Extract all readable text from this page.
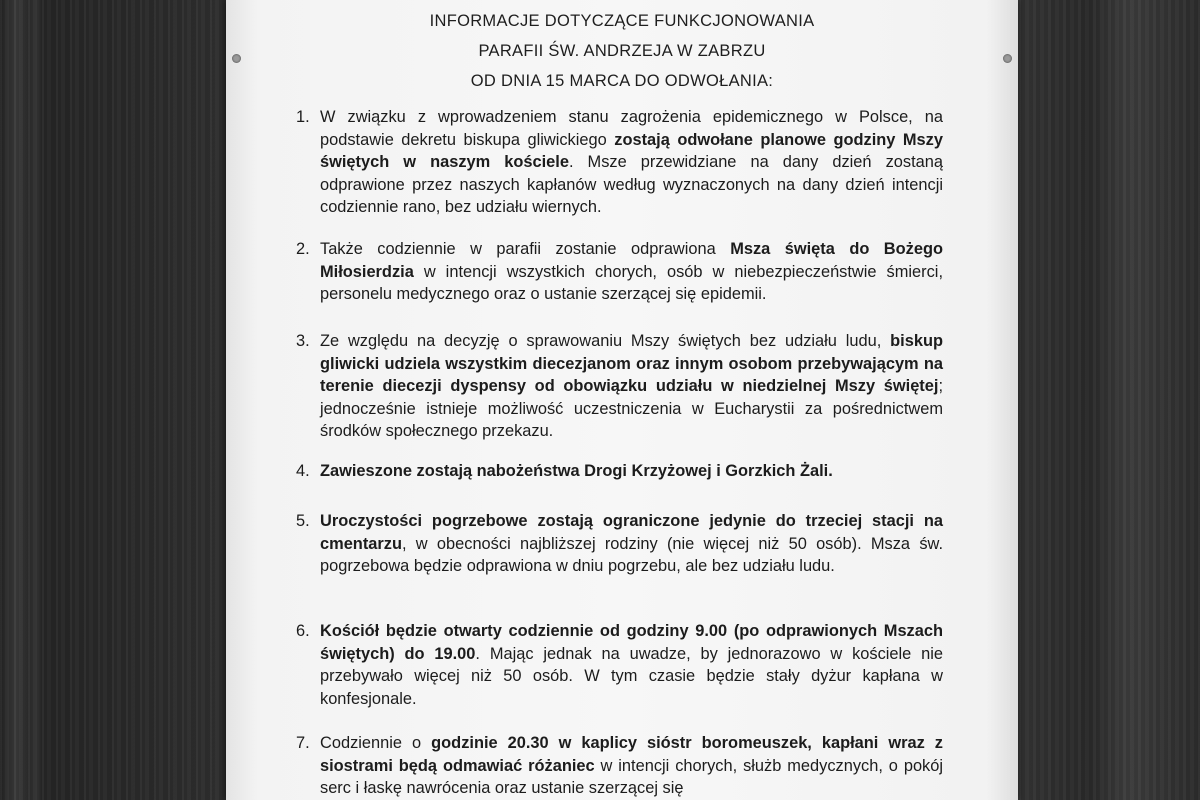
INFORMACJE DOTYCZĄCE FUNKCJONOWANIA
PARAFII ŚW. ANDRZEJA W ZABRZU
OD DNIA 15 MARCA DO ODWOŁANIA:
1. W związku z wprowadzeniem stanu zagrożenia epidemicznego w Polsce, na podstawie dekretu biskupa gliwickiego zostają odwołane planowe godziny Mszy świętych w naszym kościele. Msze przewidziane na dany dzień zostaną odprawione przez naszych kapłanów według wyznaczonych na dany dzień intencji codziennie rano, bez udziału wiernych.
2. Także codziennie w parafii zostanie odprawiona Msza święta do Bożego Miłosierdzia w intencji wszystkich chorych, osób w niebezpieczeństwie śmierci, personelu medycznego oraz o ustanie szerzącej się epidemii.
3. Ze względu na decyzję o sprawowaniu Mszy świętych bez udziału ludu, biskup gliwicki udziela wszystkim diecezjanom oraz innym osobom przebywającym na terenie diecezji dyspensy od obowiązku udziału w niedzielnej Mszy świętej; jednocześnie istnieje możliwość uczestniczenia w Eucharystii za pośrednictwem środków społecznego przekazu.
4. Zawieszone zostają nabożeństwa Drogi Krzyżowej i Gorzkich Żali.
5. Uroczystości pogrzebowe zostają ograniczone jedynie do trzeciej stacji na cmentarzu, w obecności najbliższej rodziny (nie więcej niż 50 osób). Msza św. pogrzebowa będzie odprawiona w dniu pogrzebu, ale bez udziału ludu.
6. Kościół będzie otwarty codziennie od godziny 9.00 (po odprawionych Mszach świętych) do 19.00. Mając jednak na uwadze, by jednorazowo w kościele nie przebywało więcej niż 50 osób. W tym czasie będzie stały dyżur kapłana w konfesjonale.
7. Codziennie o godzinie 20.30 w kaplicy sióstr boromeuszek, kapłani wraz z siostrami będą odmawiać różaniec w intencji chorych, służb medycznych, o pokój serc i łaskę nawrócenia oraz ustanie szerzącej się
